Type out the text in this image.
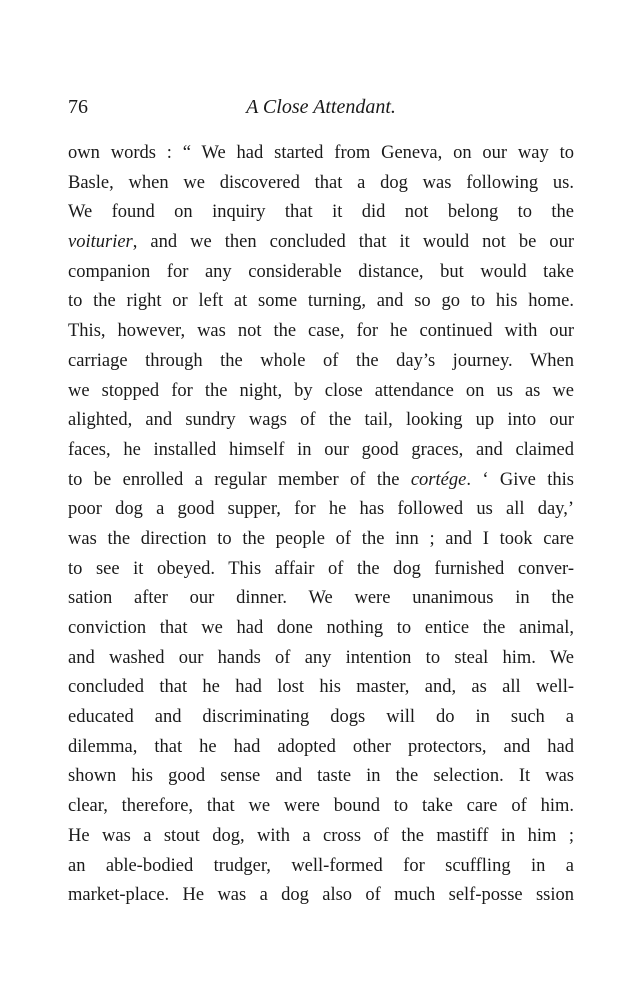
76	A Close Attendant.
own words : “ We had started from Geneva, on our way to
Basle, when we discovered that a dog was following us.
We found on inquiry that it did not belong to the
voiturier, and we then concluded that it would not be our
companion for any considerable distance, but would take
to the right or left at some turning, and so go to his home.
This, however, was not the case, for he continued with our
carriage through the whole of the day’s journey. When
we stopped for the night, by close attendance on us as we
alighted, and sundry wags of the tail, looking up into our
faces, he installed himself in our good graces, and claimed
to be enrolled a regular member of the cortége. ‘ Give this
poor dog a good supper, for he has followed us all day,’
was the direction to the people of the inn ; and I took care
to see it obeyed. This affair of the dog furnished conver-
sation after our dinner. We were unanimous in the
conviction that we had done nothing to entice the animal,
and washed our hands of any intention to steal him. We
concluded that he had lost his master, and, as all well-
educated and discriminating dogs will do in such a
dilemma, that he had adopted other protectors, and had
shown his good sense and taste in the selection. It was
clear, therefore, that we were bound to take care of him.
He was a stout dog, with a cross of the mastiff in him ;
an able-bodied trudger, well-formed for scuffling in a
market-place. He was a dog also of much self-posse ssion
